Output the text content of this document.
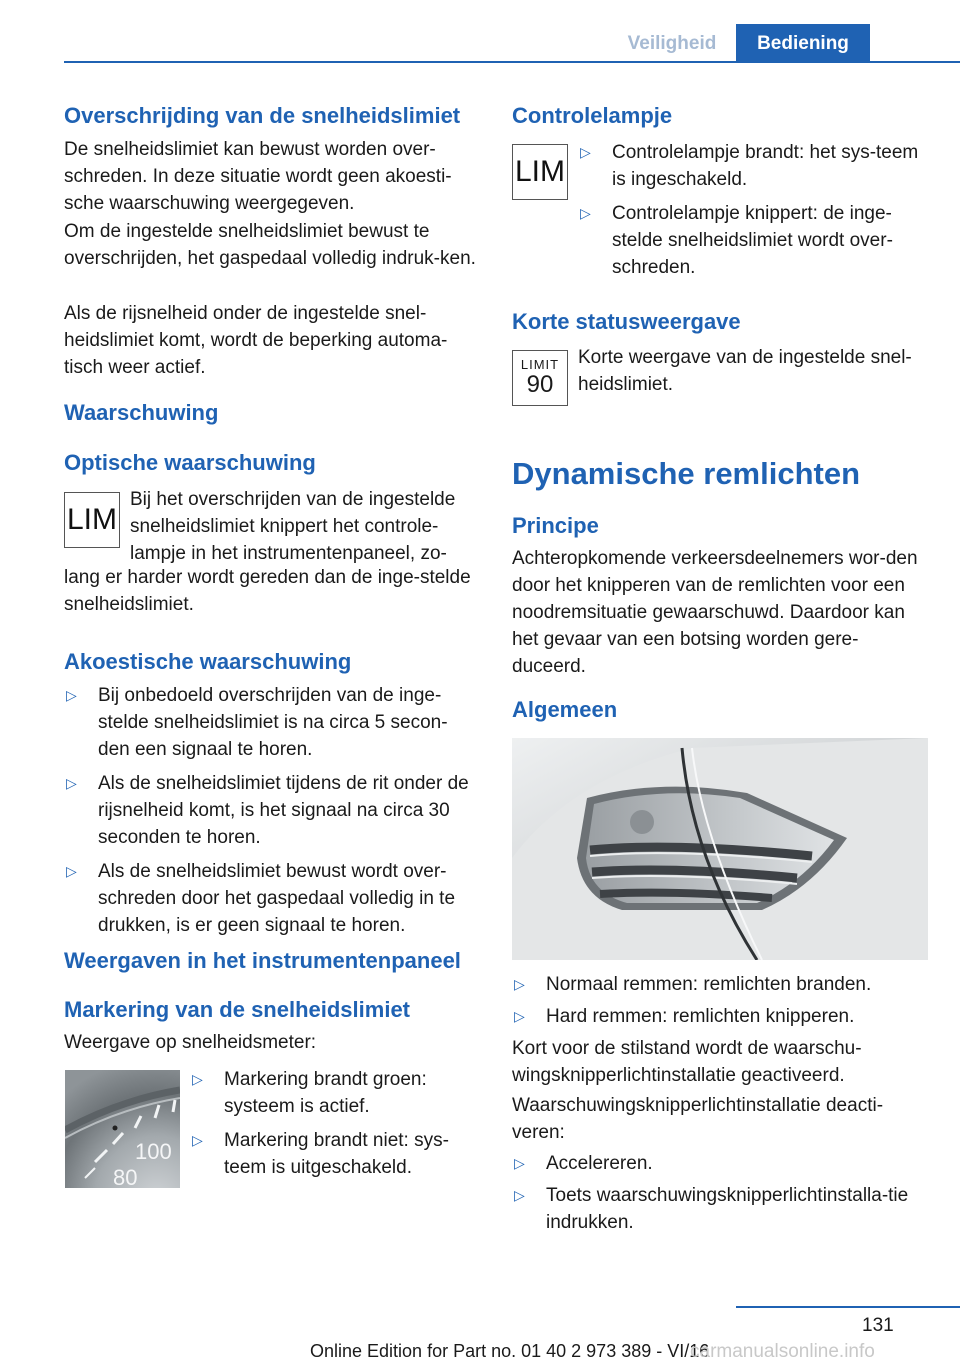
Veiligheid	Bediening
Overschrijding van de snelheidslimiet

De snelheidslimiet kan bewust worden over-schreden. In deze situatie wordt geen akoesti-sche waarschuwing weergegeven.

Om de ingestelde snelheidslimiet bewust te overschrijden, het gaspedaal volledig indruk-ken.

Als de rijsnelheid onder de ingestelde snel-heidslimiet komt, wordt de beperking automa-tisch weer actief.

Waarschuwing
Optische waarschuwing
LIM

Bij het overschrijden van de ingestelde snelheidslimiet knippert het controle-lampje in het instrumentenpaneel, zo-

lang er harder wordt gereden dan de inge-stelde snelheidslimiet.

Akoestische waarschuwing
▷ Bij onbedoeld overschrijden van de inge-stelde snelheidslimiet is na circa 5 secon-den een signaal te horen.
▷ Als de snelheidslimiet tijdens de rit onder de rijsnelheid komt, is het signaal na circa 30 seconden te horen.
▷ Als de snelheidslimiet bewust wordt over-schreden door het gaspedaal volledig in te drukken, is er geen signaal te horen.
Weergaven in het instrumentenpaneel
Markering van de snelheidslimiet

Weergave op snelheidsmeter:

100
80
▷ Markering brandt groen: systeem is actief.
▷ Markering brandt niet: sys-teem is uitgeschakeld.
Controlelampje
LIM
▷ Controlelampje brandt: het sys-teem is ingeschakeld.
▷ Controlelampje knippert: de inge-stelde snelheidslimiet wordt over-schreden.
Korte statusweergave
LIMIT
90

Korte weergave van de ingestelde snel-heidslimiet.

Dynamische remlichten
Principe

Achteropkomende verkeersdeelnemers wor-den door het knipperen van de remlichten voor een noodremsituatie gewaarschuwd. Daardoor kan het gevaar van een botsing worden gere-duceerd.

Algemeen
▷ Normaal remmen: remlichten branden.
▷ Hard remmen: remlichten knipperen.

Kort voor de stilstand wordt de waarschu-wingsknipperlichtinstallatie geactiveerd.

Waarschuwingsknipperlichtinstallatie deacti-veren:

▷ Accelereren.
▷ Toets waarschuwingsknipperlichtinstalla-tie indrukken.
131
Online Edition for Part no. 01 40 2 973 389 - VI/16
carmanualsonline.info
